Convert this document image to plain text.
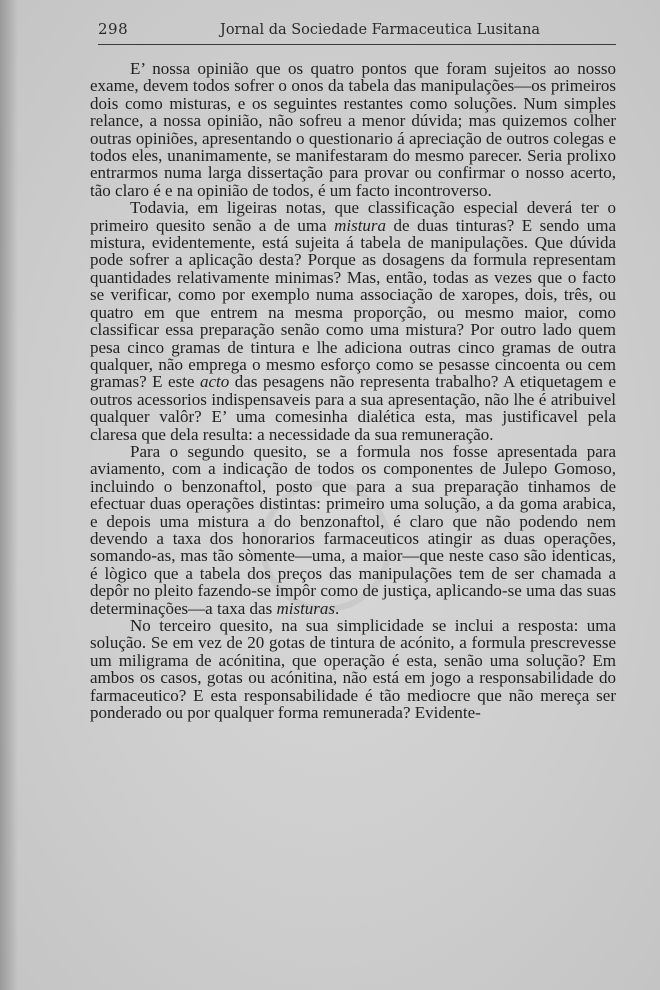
298	Jornal da Sociedade Farmaceutica Lusitana

E’ nossa opinião que os quatro pontos que foram sujeitos ao nosso exame, devem todos sofrer o onos da tabela das manipulações—os primeiros dois como misturas, e os seguintes restantes como soluções. Num simples relance, a nossa opinião, não sofreu a menor dúvida; mas quizemos colher outras opiniões, apresentando o questionario á apreciação de outros colegas e todos eles, unanimamente, se manifestaram do mesmo parecer. Seria prolixo entrarmos numa larga dissertação para provar ou confirmar o nosso acerto, tão claro é e na opinião de todos, é um facto incontroverso.

Todavia, em ligeiras notas, que classificação especial deverá ter o primeiro quesito senão a de uma mistura de duas tinturas? E sendo uma mistura, evidentemente, está sujeita á tabela de manipulações. Que dúvida pode sofrer a aplicação desta? Porque as dosagens da formula representam quantidades relativamente minimas? Mas, então, todas as vezes que o facto se verificar, como por exemplo numa associação de xaropes, dois, três, ou quatro em que entrem na mesma proporção, ou mesmo maior, como classificar essa preparação senão como uma mistura? Por outro lado quem pesa cinco gramas de tintura e lhe adiciona outras cinco gramas de outra qualquer, não emprega o mesmo esforço como se pesasse cincoenta ou cem gramas? E este acto das pesagens não representa trabalho? A etiquetagem e outros acessorios indispensaveis para a sua apresentação, não lhe é atribuivel qualquer valôr? E’ uma comesinha dialética esta, mas justificavel pela claresa que dela resulta: a necessidade da sua remuneração.

Para o segundo quesito, se a formula nos fosse apresentada para aviamento, com a indicação de todos os componentes de Julepo Gomoso, incluindo o benzonaftol, posto que para a sua preparação tinhamos de efectuar duas operações distintas: primeiro uma solução, a da goma arabica, e depois uma mistura a do benzonaftol, é claro que não podendo nem devendo a taxa dos honorarios farmaceuticos atingir as duas operações, somando-as, mas tão sòmente—uma, a maior—que neste caso são identicas, é lògico que a tabela dos preços das manipulações tem de ser chamada a depôr no pleito fazendo-se impôr como de justiça, aplicando-se uma das suas determinações—a taxa das misturas.

No terceiro quesito, na sua simplicidade se inclui a resposta: uma solução. Se em vez de 20 gotas de tintura de acónito, a formula prescrevesse um miligrama de acónitina, que operação é esta, senão uma solução? Em ambos os casos, gotas ou acónitina, não está em jogo a responsabilidade do farmaceutico? E esta responsabilidade é tão mediocre que não mereça ser ponderado ou por qualquer forma remunerada? Evidente-
